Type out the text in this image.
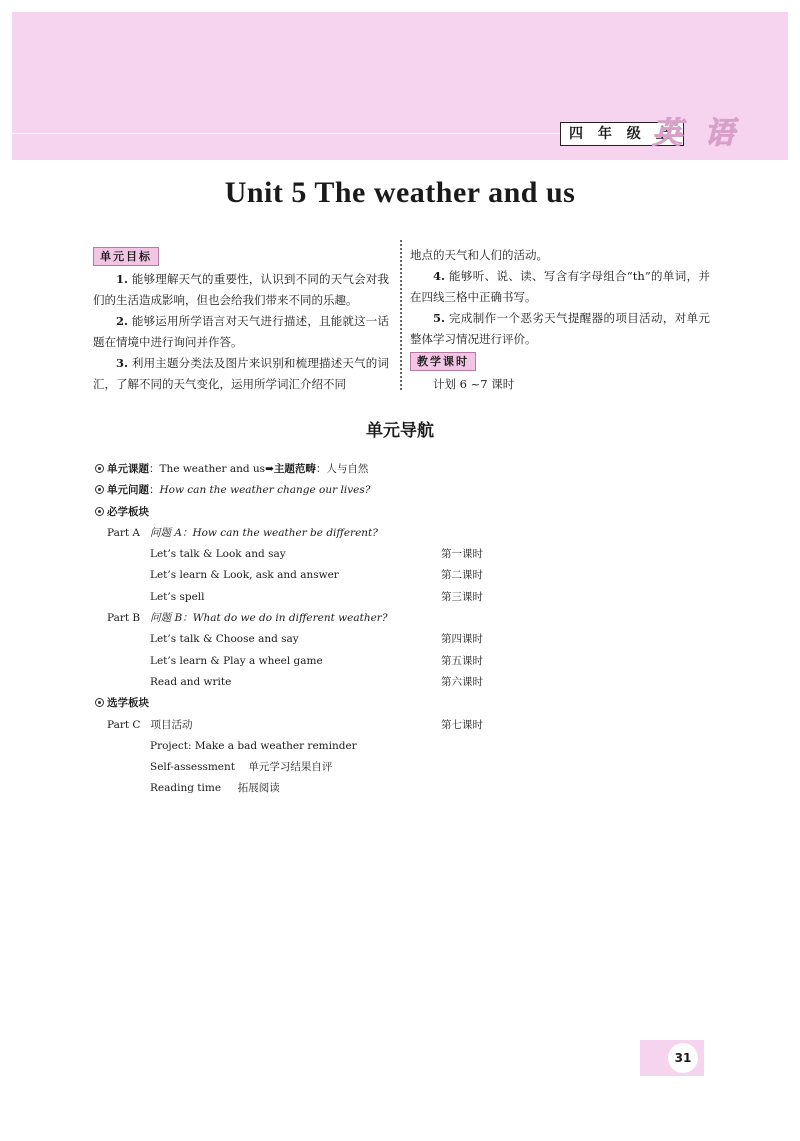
四 年 级 上
英 语
Unit 5 The weather and us
单元目标

1. 能够理解天气的重要性，认识到不同的天气会对我们的生活造成影响，但也会给我们带来不同的乐趣。

2. 能够运用所学语言对天气进行描述，且能就这一话题在情境中进行询问并作答。

3. 利用主题分类法及图片来识别和梳理描述天气的词汇，了解不同的天气变化，运用所学词汇介绍不同

地点的天气和人们的活动。

4. 能够听、说、读、写含有字母组合“th”的单词，并在四线三格中正确书写。

5. 完成制作一个恶劣天气提醒器的项目活动，对单元整体学习情况进行评价。

教学课时

计划 6 ~7 课时

单元导航
单元课题：The weather and us➡主题范畴：人与自然
单元问题：How can the weather change our lives?
必学板块
Part A 问题 A：How can the weather be different?
Let’s talk & Look and say	第一课时
Let’s learn & Look, ask and answer	第二课时
Let’s spell	第三课时
Part B 问题 B：What do we do in different weather?
Let’s talk & Choose and say	第四课时
Let’s learn & Play a wheel game	第五课时
Read and write	第六课时
选学板块
Part C 项目活动	第七课时
Project: Make a bad weather reminder
Self-assessment    单元学习结果自评
Reading time     拓展阅读
31
